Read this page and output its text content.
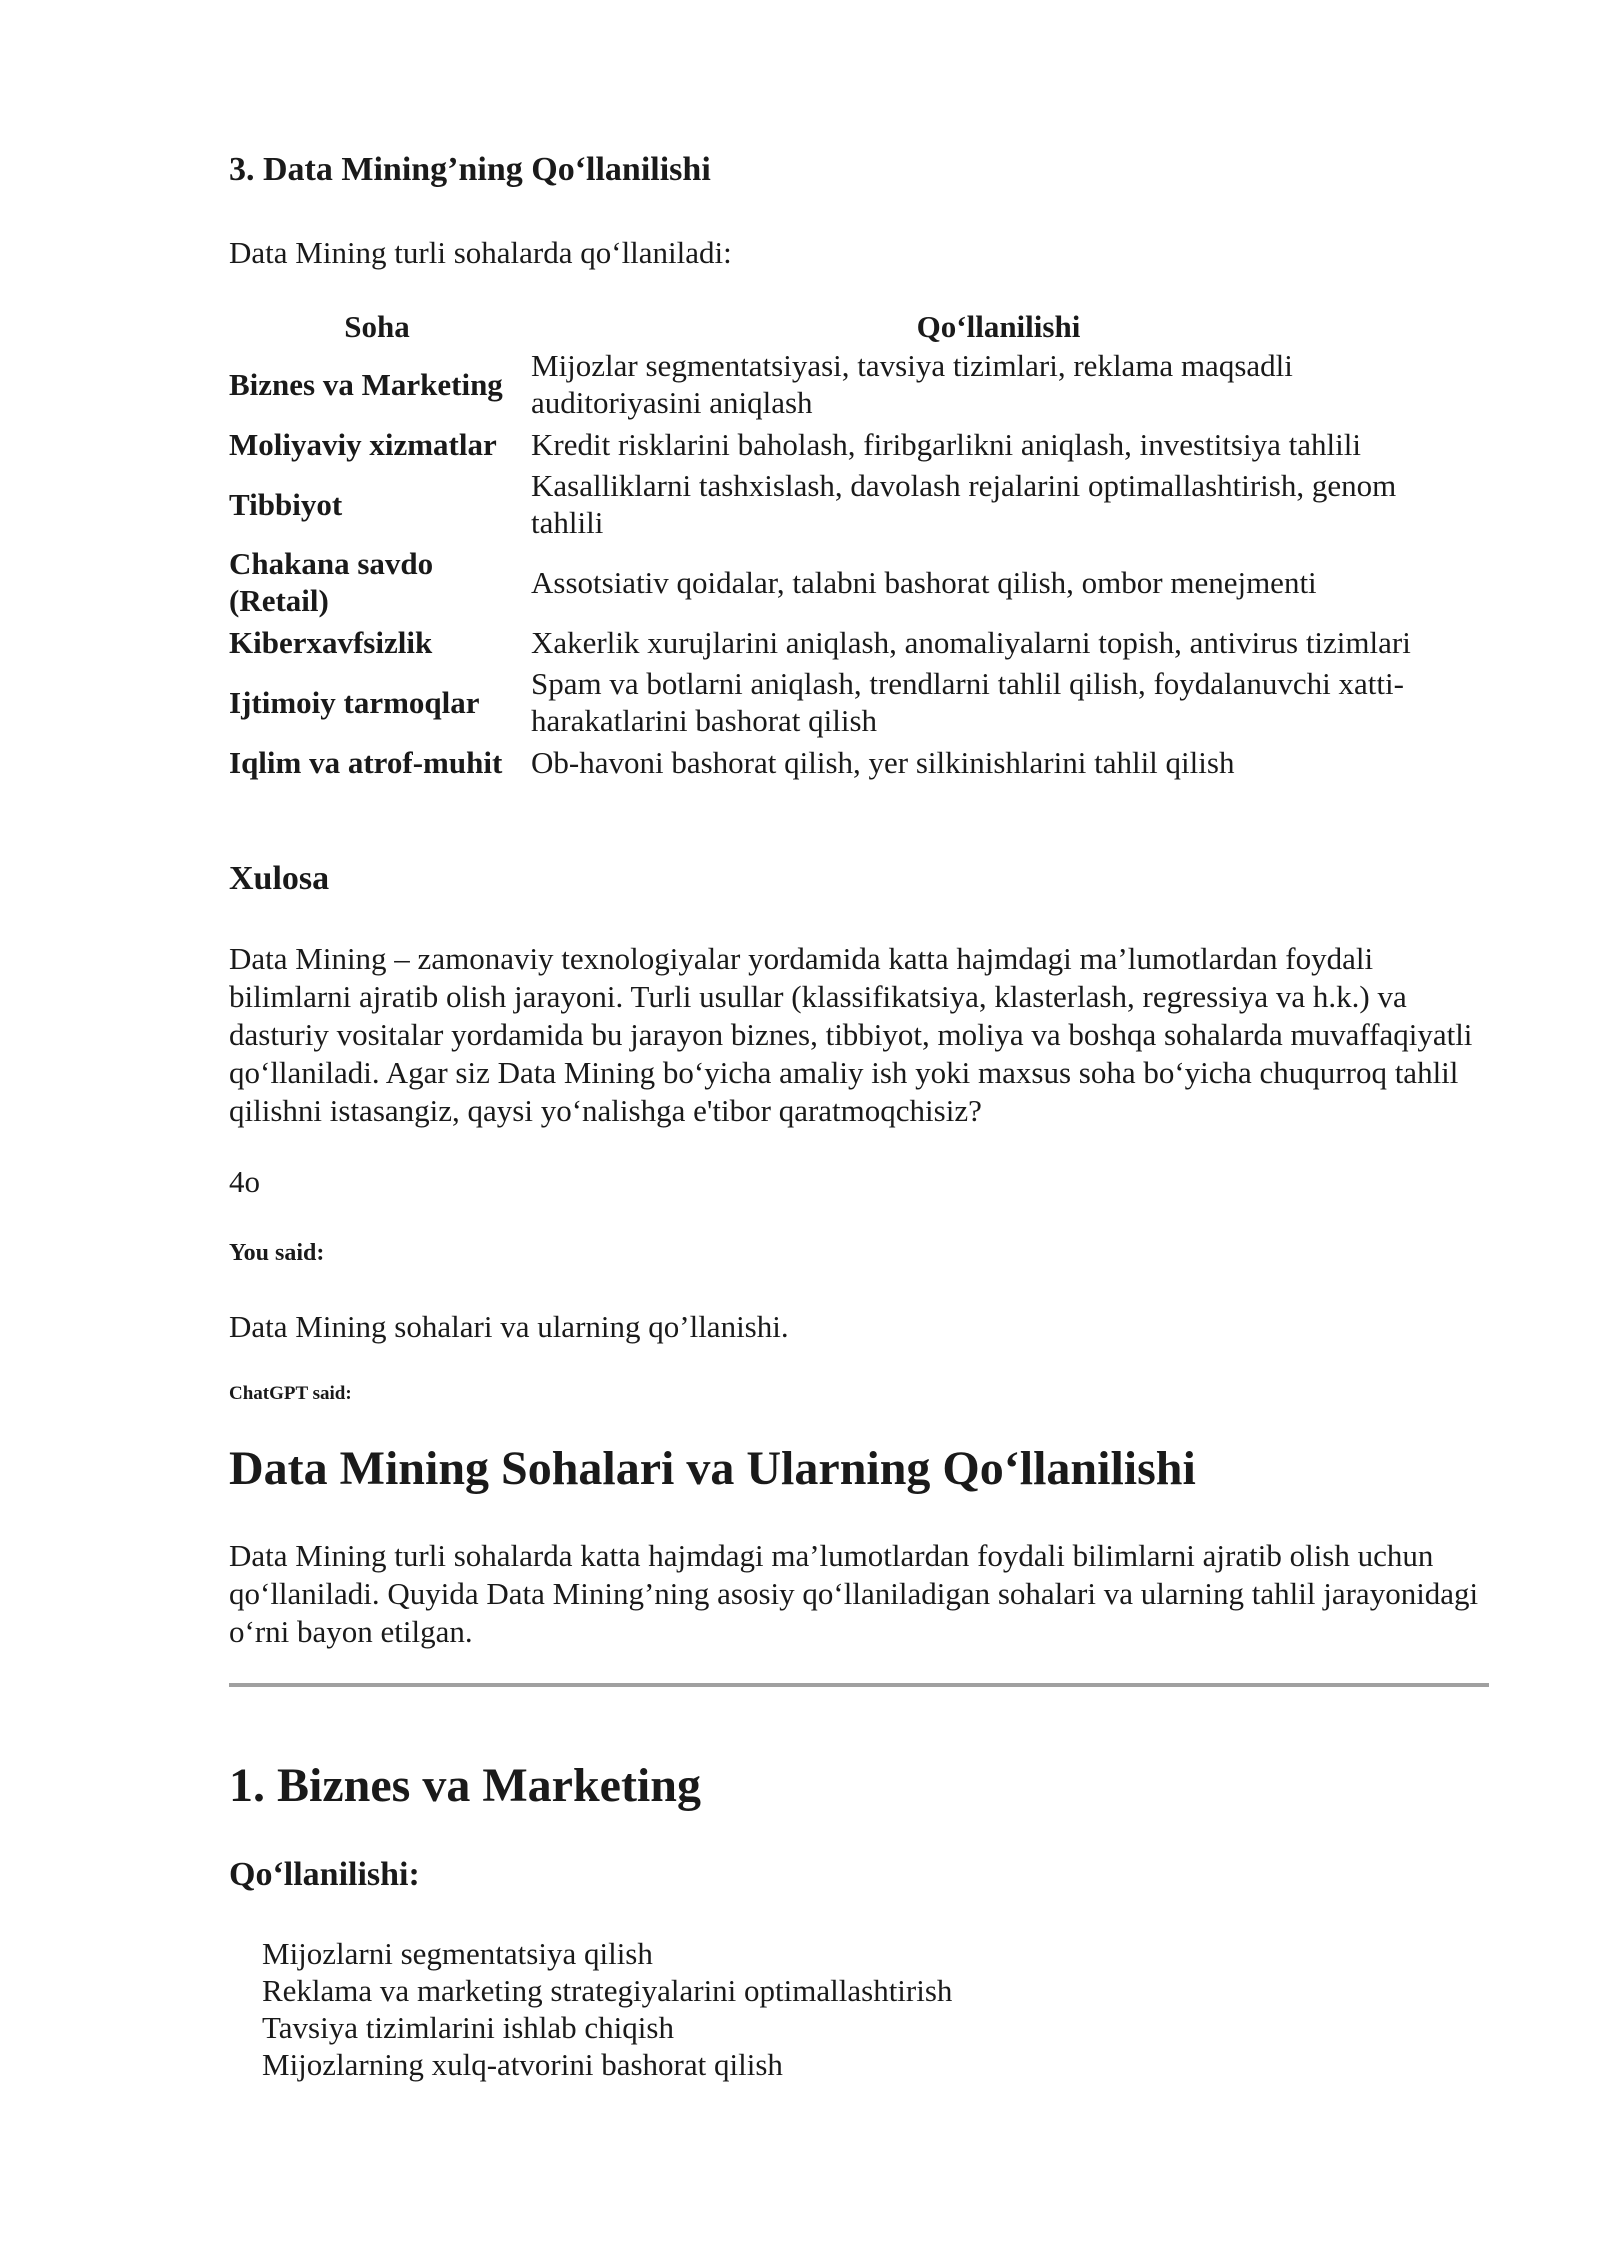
3. Data Mining’ning Qo‘llanilishi

Data Mining turli sohalarda qo‘llaniladi:

Soha	Qo‘llanilishi
Biznes va Marketing	Mijozlar segmentatsiyasi, tavsiya tizimlari, reklama maqsadli auditoriyasini aniqlash
Moliyaviy xizmatlar	Kredit risklarini baholash, firibgarlikni aniqlash, investitsiya tahlili
Tibbiyot	Kasalliklarni tashxislash, davolash rejalarini optimallashtirish, genom tahlili
Chakana savdo (Retail)	Assotsiativ qoidalar, talabni bashorat qilish, ombor menejmenti
Kiberxavfsizlik	Xakerlik xurujlarini aniqlash, anomaliyalarni topish, antivirus tizimlari
Ijtimoiy tarmoqlar	Spam va botlarni aniqlash, trendlarni tahlil qilish, foydalanuvchi xatti-harakatlarini bashorat qilish
Iqlim va atrof-muhit	Ob-havoni bashorat qilish, yer silkinishlarini tahlil qilish
Xulosa

Data Mining – zamonaviy texnologiyalar yordamida katta hajmdagi ma’lumotlardan foydali bilimlarni ajratib olish jarayoni. Turli usullar (klassifikatsiya, klasterlash, regressiya va h.k.) va dasturiy vositalar yordamida bu jarayon biznes, tibbiyot, moliya va boshqa sohalarda muvaffaqiyatli qo‘llaniladi. Agar siz Data Mining bo‘yicha amaliy ish yoki maxsus soha bo‘yicha chuqurroq tahlil qilishni istasangiz, qaysi yo‘nalishga e'tibor qaratmoqchisiz?

4o

You said:

Data Mining sohalari va ularning qo’llanishi.

ChatGPT said:
Data Mining Sohalari va Ularning Qo‘llanilishi

Data Mining turli sohalarda katta hajmdagi ma’lumotlardan foydali bilimlarni ajratib olish uchun qo‘llaniladi. Quyida Data Mining’ning asosiy qo‘llaniladigan sohalari va ularning tahlil jarayonidagi o‘rni bayon etilgan.

1. Biznes va Marketing
Qo‘llanilishi:
Mijozlarni segmentatsiya qilish
Reklama va marketing strategiyalarini optimallashtirish
Tavsiya tizimlarini ishlab chiqish
Mijozlarning xulq-atvorini bashorat qilish
